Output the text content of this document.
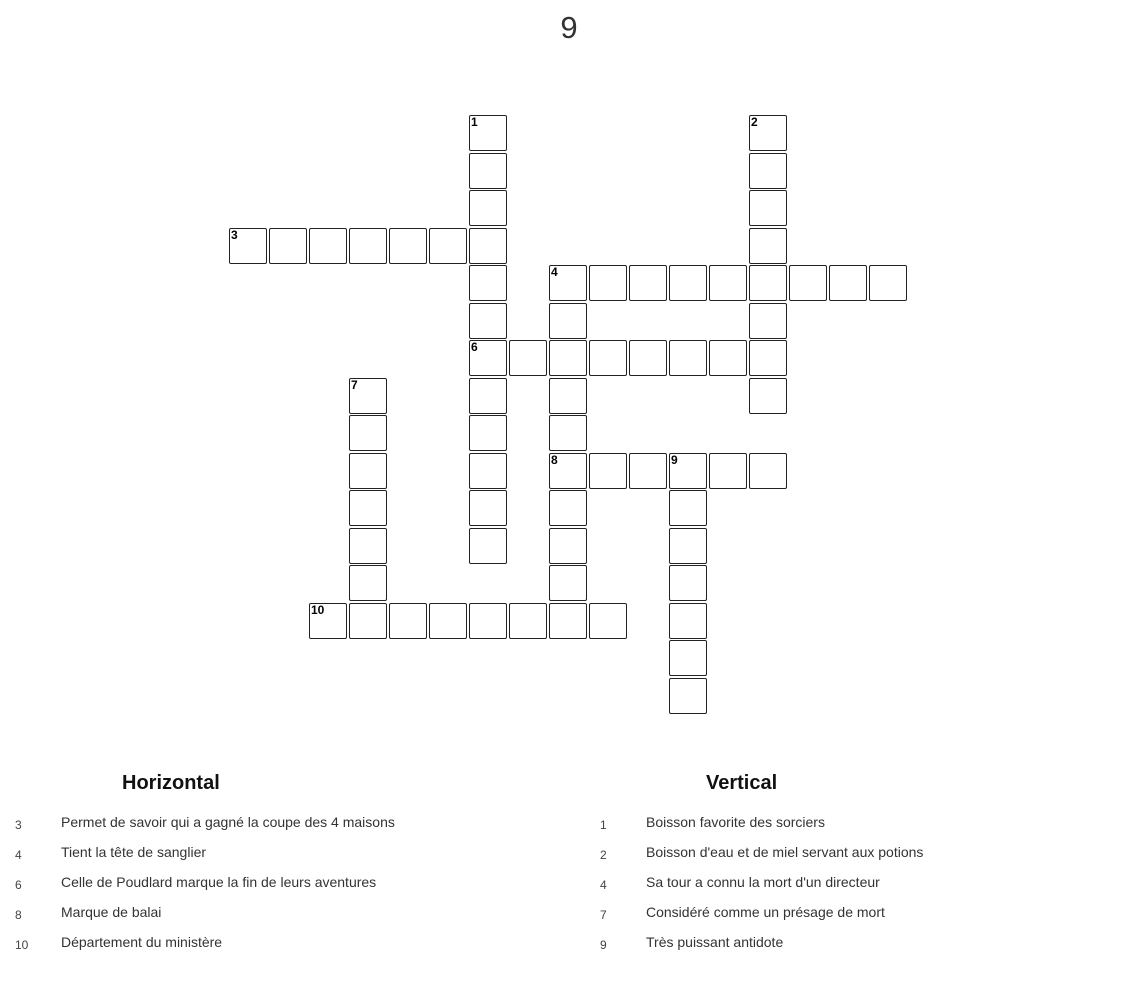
9
1
6
2
3
4
8
7
9
10
Horizontal
3	Permet de savoir qui a gagné la coupe des 4 maisons
4	Tient la tête de sanglier
6	Celle de Poudlard marque la fin de leurs aventures
8	Marque de balai
10 Département du ministère
Vertical
1	Boisson favorite des sorciers
2	Boisson d'eau et de miel servant aux potions
4	Sa tour a connu la mort d'un directeur
7	Considéré comme un présage de mort
9	Très puissant antidote
